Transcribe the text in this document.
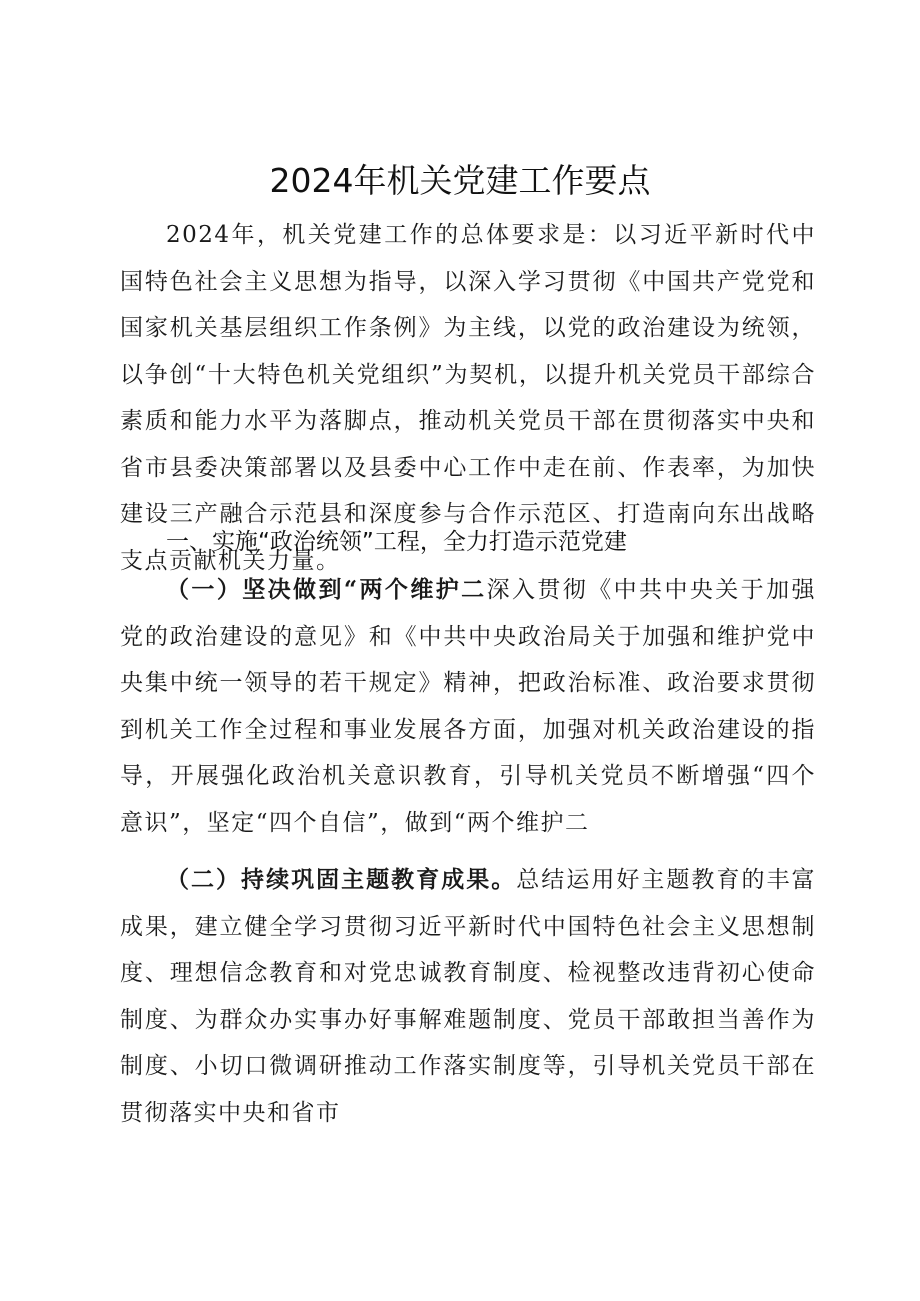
2024年机关党建工作要点

2024年，机关党建工作的总体要求是：以习近平新时代中国特色社会主义思想为指导，以深入学习贯彻《中国共产党党和国家机关基层组织工作条例》为主线，以党的政治建设为统领，以争创“十大特色机关党组织”为契机，以提升机关党员干部综合素质和能力水平为落脚点，推动机关党员干部在贯彻落实中央和省市县委决策部署以及县委中心工作中走在前、作表率，为加快建设三产融合示范县和深度参与合作示范区、打造南向东出战略支点贡献机关力量。

一、实施“政治统领”工程，全力打造示范党建

（一）坚决做到“两个维护二深入贯彻《中共中央关于加强党的政治建设的意见》和《中共中央政治局关于加强和维护党中央集中统一领导的若干规定》精神，把政治标准、政治要求贯彻到机关工作全过程和事业发展各方面，加强对机关政治建设的指导，开展强化政治机关意识教育，引导机关党员不断增强“四个意识”，坚定“四个自信”，做到“两个维护二

（二）持续巩固主题教育成果。总结运用好主题教育的丰富成果，建立健全学习贯彻习近平新时代中国特色社会主义思想制度、理想信念教育和对党忠诚教育制度、检视整改违背初心使命制度、为群众办实事办好事解难题制度、党员干部敢担当善作为制度、小切口微调研推动工作落实制度等，引导机关党员干部在贯彻落实中央和省市
